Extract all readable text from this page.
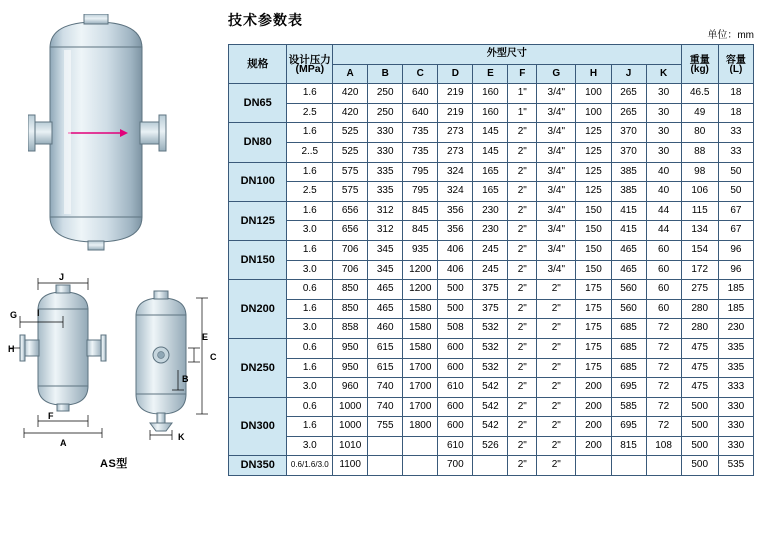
J
G I
H
F
A
C
E
B
K
AS型
技术参数表
单位：mm
规格	设计压力
(MPa)
	外型尺寸	
重量
(kg)

容量
(L)

		A	B	C	D	E	F	G	H	J	K		
DN65	1.6	420	250	640	219	160	1"	3/4"	100	265	30	46.5	18
	2.5	420	250	640	219	160	1"	3/4"	100	265	30	49	18
DN80	1.6	525	330	735	273	145	2"	3/4"	125	370	30	80	33
	2..5	525	330	735	273	145	2"	3/4"	125	370	30	88	33
DN100	1.6	575	335	795	324	165	2"	3/4"	125	385	40	98	50
	2.5	575	335	795	324	165	2"	3/4"	125	385	40	106	50
DN125	1.6	656	312	845	356	230	2"	3/4"	150	415	44	115	67
	3.0	656	312	845	356	230	2"	3/4"	150	415	44	134	67
DN150	1.6	706	345	935	406	245	2"	3/4"	150	465	60	154	96
	3.0	706	345	1200	406	245	2"	3/4"	150	465	60	172	96
DN200	0.6	850	465	1200	500	375	2"	2"	175	560	60	275	185
	1.6	850	465	1580	500	375	2"	2"	175	560	60	280	185
	3.0	858	460	1580	508	532	2"	2"	175	685	72	280	230
DN250	0.6	950	615	1580	600	532	2"	2"	175	685	72	475	335
	1.6	950	615	1700	600	532	2"	2"	175	685	72	475	335
	3.0	960	740	1700	610	542	2"	2"	200	695	72	475	333
DN300	0.6	1000	740	1700	600	542	2"	2"	200	585	72	500	330
	1.6	1000	755	1800	600	542	2"	2"	200	695	72	500	330
	3.0	1010			610	526	2"	2"	200	815	108	500	330
DN350	0.6/1.6/3.0	1100			700		2"	2"				500	535
